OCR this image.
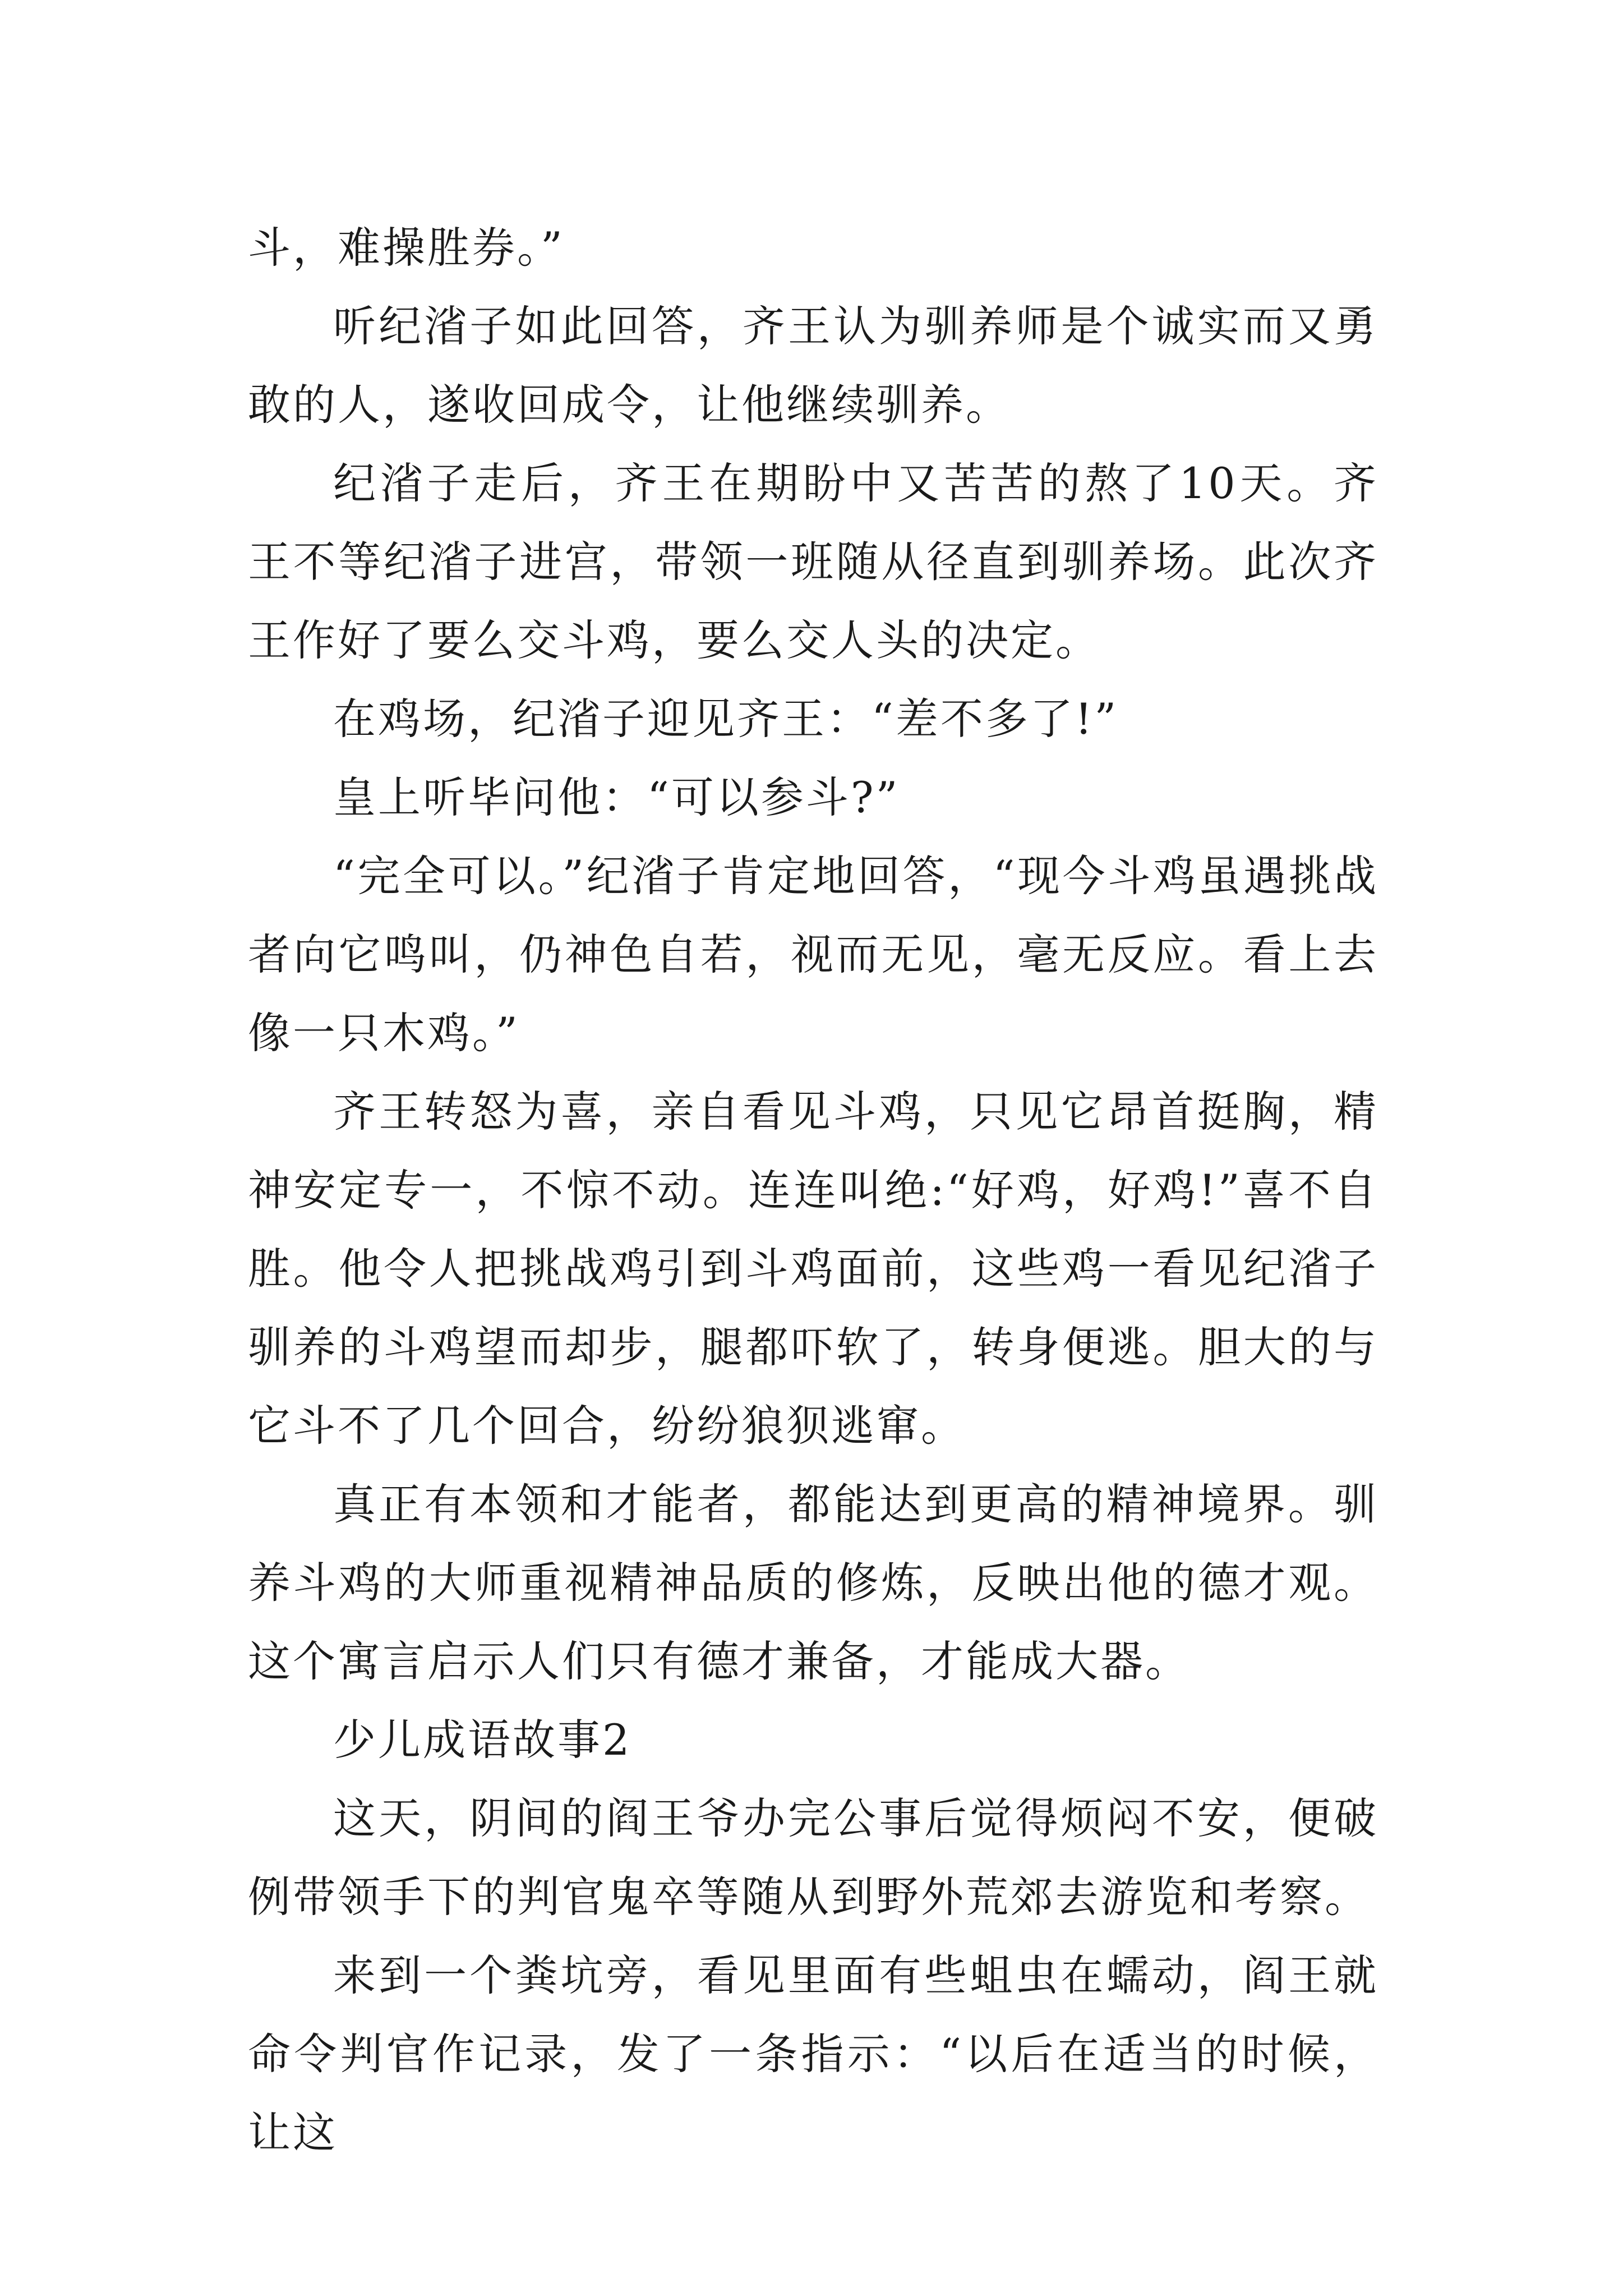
斗，难操胜券。”

听纪渻子如此回答，齐王认为驯养师是个诚实而又勇敢的人，遂收回成令，让他继续驯养。

纪渻子走后，齐王在期盼中又苦苦的熬了10天。齐王不等纪渻子进宫，带领一班随从径直到驯养场。此次齐王作好了要么交斗鸡，要么交人头的决定。

在鸡场，纪渻子迎见齐王：“差不多了!”

皇上听毕问他：“可以参斗?”

“完全可以。”纪渻子肯定地回答，“现今斗鸡虽遇挑战者向它鸣叫，仍神色自若，视而无见，毫无反应。看上去像一只木鸡。”

齐王转怒为喜，亲自看见斗鸡，只见它昂首挺胸，精神安定专一，不惊不动。连连叫绝:“好鸡，好鸡!”喜不自胜。他令人把挑战鸡引到斗鸡面前，这些鸡一看见纪渻子驯养的斗鸡望而却步，腿都吓软了，转身便逃。胆大的与它斗不了几个回合，纷纷狼狈逃窜。

真正有本领和才能者，都能达到更高的精神境界。驯养斗鸡的大师重视精神品质的修炼，反映出他的德才观。这个寓言启示人们只有德才兼备，才能成大器。

少儿成语故事2

这天，阴间的阎王爷办完公事后觉得烦闷不安，便破例带领手下的判官鬼卒等随从到野外荒郊去游览和考察。

来到一个粪坑旁，看见里面有些蛆虫在蠕动，阎王就命令判官作记录，发了一条指示：“以后在适当的时候，让这
